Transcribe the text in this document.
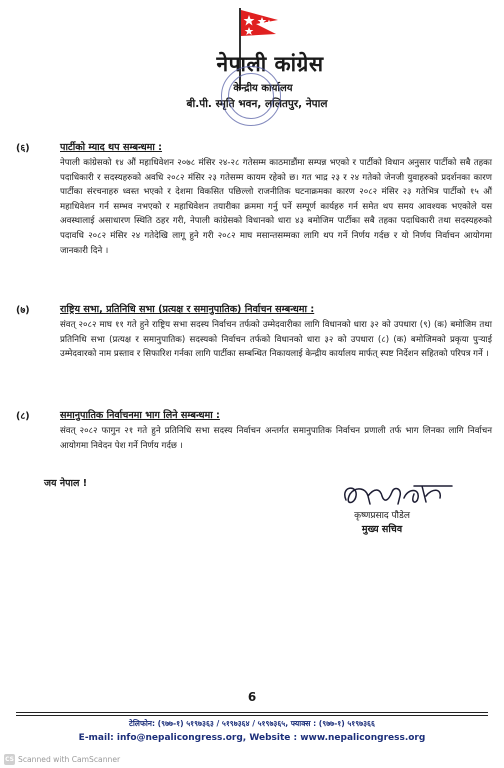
नेपाली कांग्रेस
केन्द्रीय कार्यालय
बी.पी. स्मृति भवन, ललितपुर, नेपाल
(६)	पार्टीको म्याद थप सम्बन्धमा :
नेपाली कांग्रेसको १४ औं महाधिवेशन २०७८ मंसिर २४-२८ गतेसम्म काठमाडौंमा सम्पन्न भएको र पार्टीको विधान अनुसार पार्टीको सबै तहका पदाधिकारी र सदस्यहरुको अवधि २०८२ मंसिर २३ गतेसम्म कायम रहेको छ। गत भाद्र २३ र २४ गतेको जेनजी युवाहरुको प्रदर्शनका कारण पार्टीका संरचनाहरु ध्वस्त भएको र देशमा विकसित पछिल्लो राजनीतिक घटनाक्रमका कारण २०८२ मंसिर २३ गतेभित्र पार्टीको १५ औं महाधिवेशन गर्न सम्भव नभएको र महाधिवेशन तयारीका क्रममा गर्नु पर्ने सम्पूर्ण कार्यहरु गर्न समेत थप समय आवश्यक भएकोले यस अवस्थालाई असाधारण स्थिति ठहर गरी, नेपाली कांग्रेसको विधानको धारा ४३ बमोजिम पार्टीका सबै तहका पदाधिकारी तथा सदस्यहरुको पदावधि २०८२ मंसिर २४ गतेदेखि लागू हुने गरी २०८२ माघ मसान्तसम्मका लागि थप गर्ने निर्णय गर्दछ र यो निर्णय निर्वाचन आयोगमा जानकारी दिने ।
(७)	राष्ट्रिय सभा, प्रतिनिधि सभा (प्रत्यक्ष र समानुपातिक) निर्वाचन सम्बन्धमा :
संवत् २०८२ माघ ११ गते हुने राष्ट्रिय सभा सदस्य निर्वाचन तर्फको उम्मेदवारीका लागि विधानको धारा ३२ को उपधारा (९) (क) बमोजिम तथा प्रतिनिधि सभा (प्रत्यक्ष र समानुपातिक) सदस्यको निर्वाचन तर्फको विधानको धारा ३२ को उपधारा (८) (क) बमोजिमको प्रकृया पुऱ्याई उम्मेदवारको नाम प्रस्ताव र सिफारिश गर्नका लागि पार्टीका सम्बन्धित निकायलाई केन्द्रीय कार्यालय मार्फत् स्पष्ट निर्देशन सहितको परिपत्र गर्ने ।
(८)	समानुपातिक निर्वाचनमा भाग लिने सम्बन्धमा :
संवत् २०८२ फागुन २१ गते हुने प्रतिनिधि सभा सदस्य निर्वाचन अन्तर्गत समानुपातिक निर्वाचन प्रणाली तर्फ भाग लिनका लागि निर्वाचन आयोगमा निवेदन पेश गर्ने निर्णय गर्दछ ।
जय नेपाल !
कृष्णप्रसाद पौडेल
मुख्य सचिव
6
टेलिफोन: (९७७-१) ५१९७३६३ / ५१९७३६४ / ५१९७३६५, फ्याक्स : (९७७-१) ५१९७३६६
E-mail: info@nepalicongress.org, Website : www.nepalicongress.org
CS Scanned with CamScanner
